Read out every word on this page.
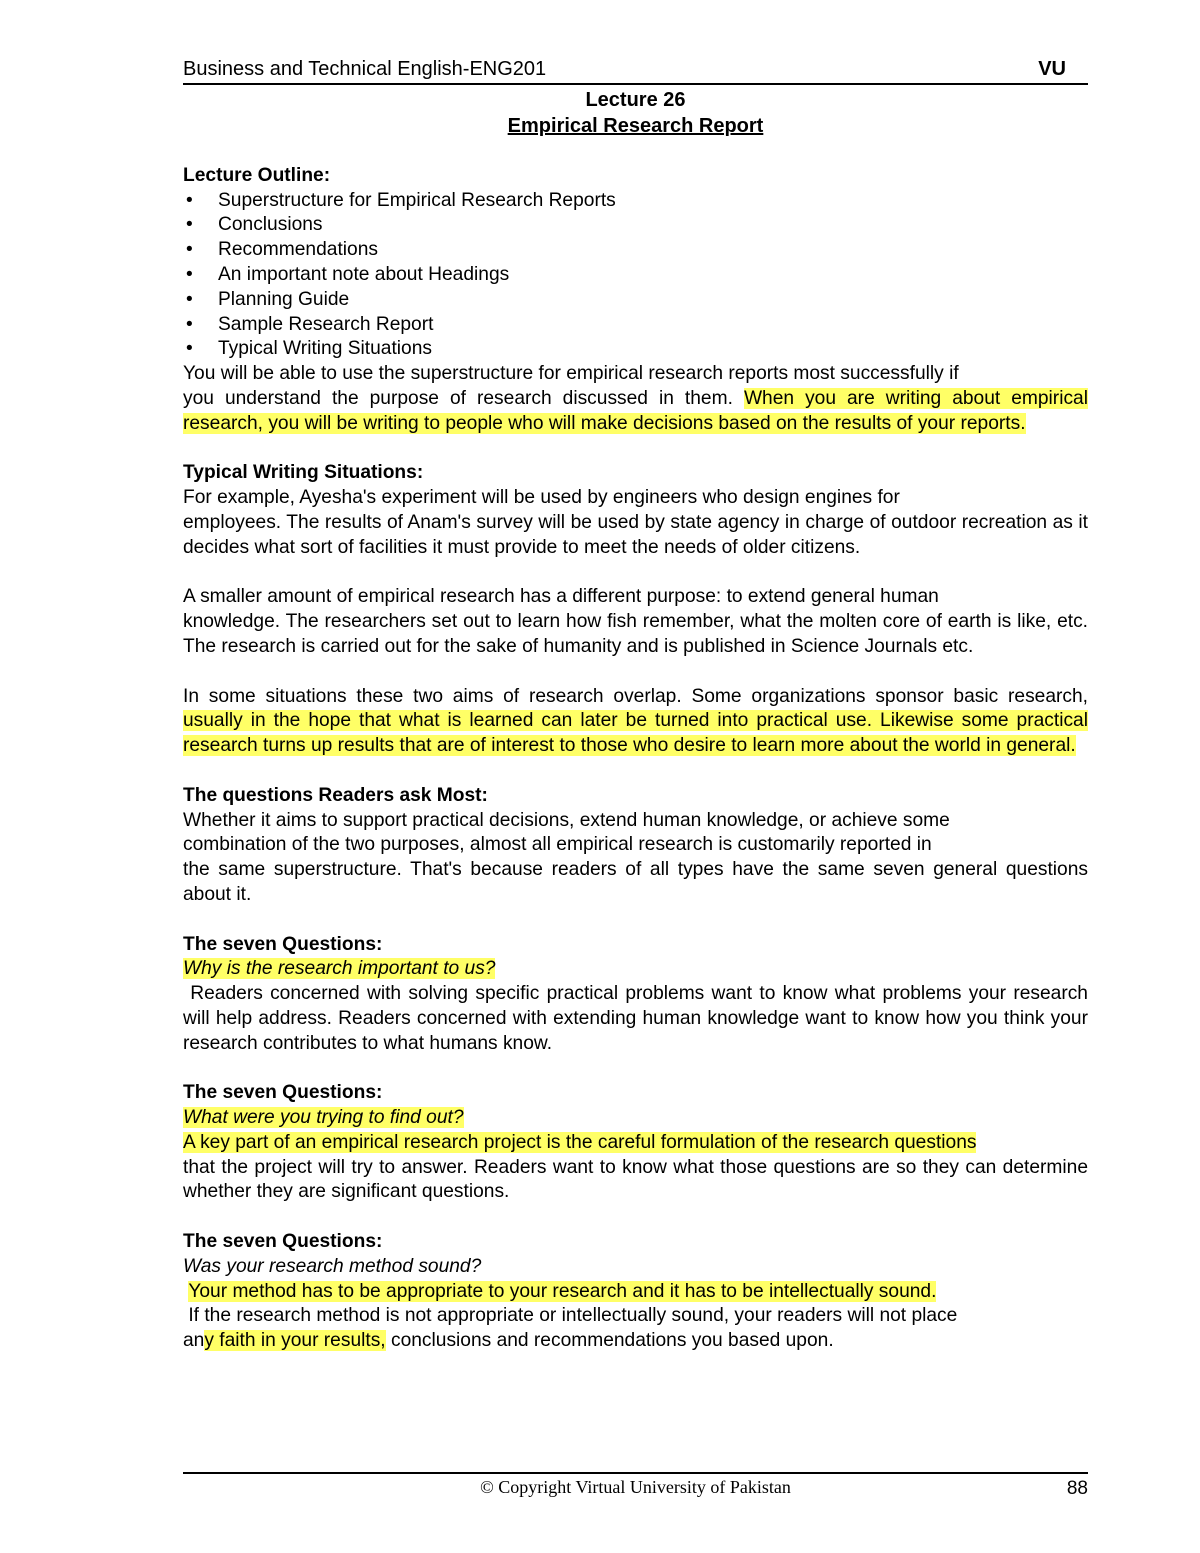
Business and Technical English-ENG201	VU
Lecture 26
Empirical Research Report
Lecture Outline:
• Superstructure for Empirical Research Reports
• Conclusions
• Recommendations
• An important note about Headings
• Planning Guide
• Sample Research Report
• Typical Writing Situations
You will be able to use the superstructure for empirical research reports most successfully if
you understand the purpose of research discussed in them. When you are writing about empirical research, you will be writing to people who will make decisions based on the results of your reports.
Typical Writing Situations:
For example, Ayesha's experiment will be used by engineers who design engines for
employees. The results of Anam's survey will be used by state agency in charge of outdoor recreation as it decides what sort of facilities it must provide to meet the needs of older citizens.
A smaller amount of empirical research has a different purpose: to extend general human
knowledge. The researchers set out to learn how fish remember, what the molten core of earth is like, etc. The research is carried out for the sake of humanity and is published in Science Journals etc.
In some situations these two aims of research overlap. Some organizations sponsor basic research, usually in the hope that what is learned can later be turned into practical use. Likewise some practical research turns up results that are of interest to those who desire to learn more about the world in general.
The questions Readers ask Most:
Whether it aims to support practical decisions, extend human knowledge, or achieve some
combination of the two purposes, almost all empirical research is customarily reported in
the same superstructure. That's because readers of all types have the same seven general questions about it.
The seven Questions:
Why is the research important to us?
Readers concerned with solving specific practical problems want to know what problems your research will help address. Readers concerned with extending human knowledge want to know how you think your research contributes to what humans know.
The seven Questions:
What were you trying to find out?
A key part of an empirical research project is the careful formulation of the research questions
that the project will try to answer. Readers want to know what those questions are so they can determine whether they are significant questions.
The seven Questions:
Was your research method sound?
Your method has to be appropriate to your research and it has to be intellectually sound.
If the research method is not appropriate or intellectually sound, your readers will not place
any faith in your results, conclusions and recommendations you based upon.
© Copyright Virtual University of Pakistan	88
